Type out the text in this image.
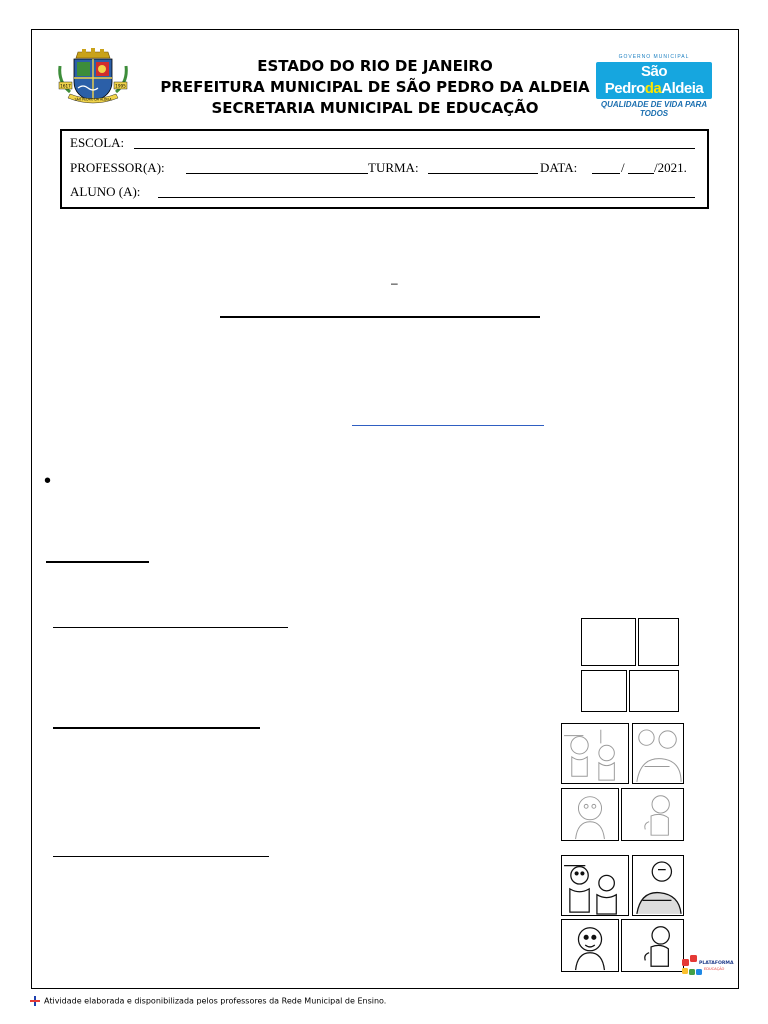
1617	1995
SÃO PEDRO DA ALDEIA
ESTADO DO RIO DE JANEIRO
PREFEITURA MUNICIPAL DE SÃO PEDRO DA ALDEIA
SECRETARIA MUNICIPAL DE EDUCAÇÃO
GOVERNO MUNICIPAL
São PedrodaAldeia
QUALIDADE DE VIDA PARA TODOS
ESCOLA:
PROFESSOR(A):	TURMA:	DATA:	/ /2021.
ALUNO (A):
–
•
PLATAFORMA
EDUCAÇÃO
Atividade elaborada e disponibilizada pelos professores da Rede Municipal de Ensino.
